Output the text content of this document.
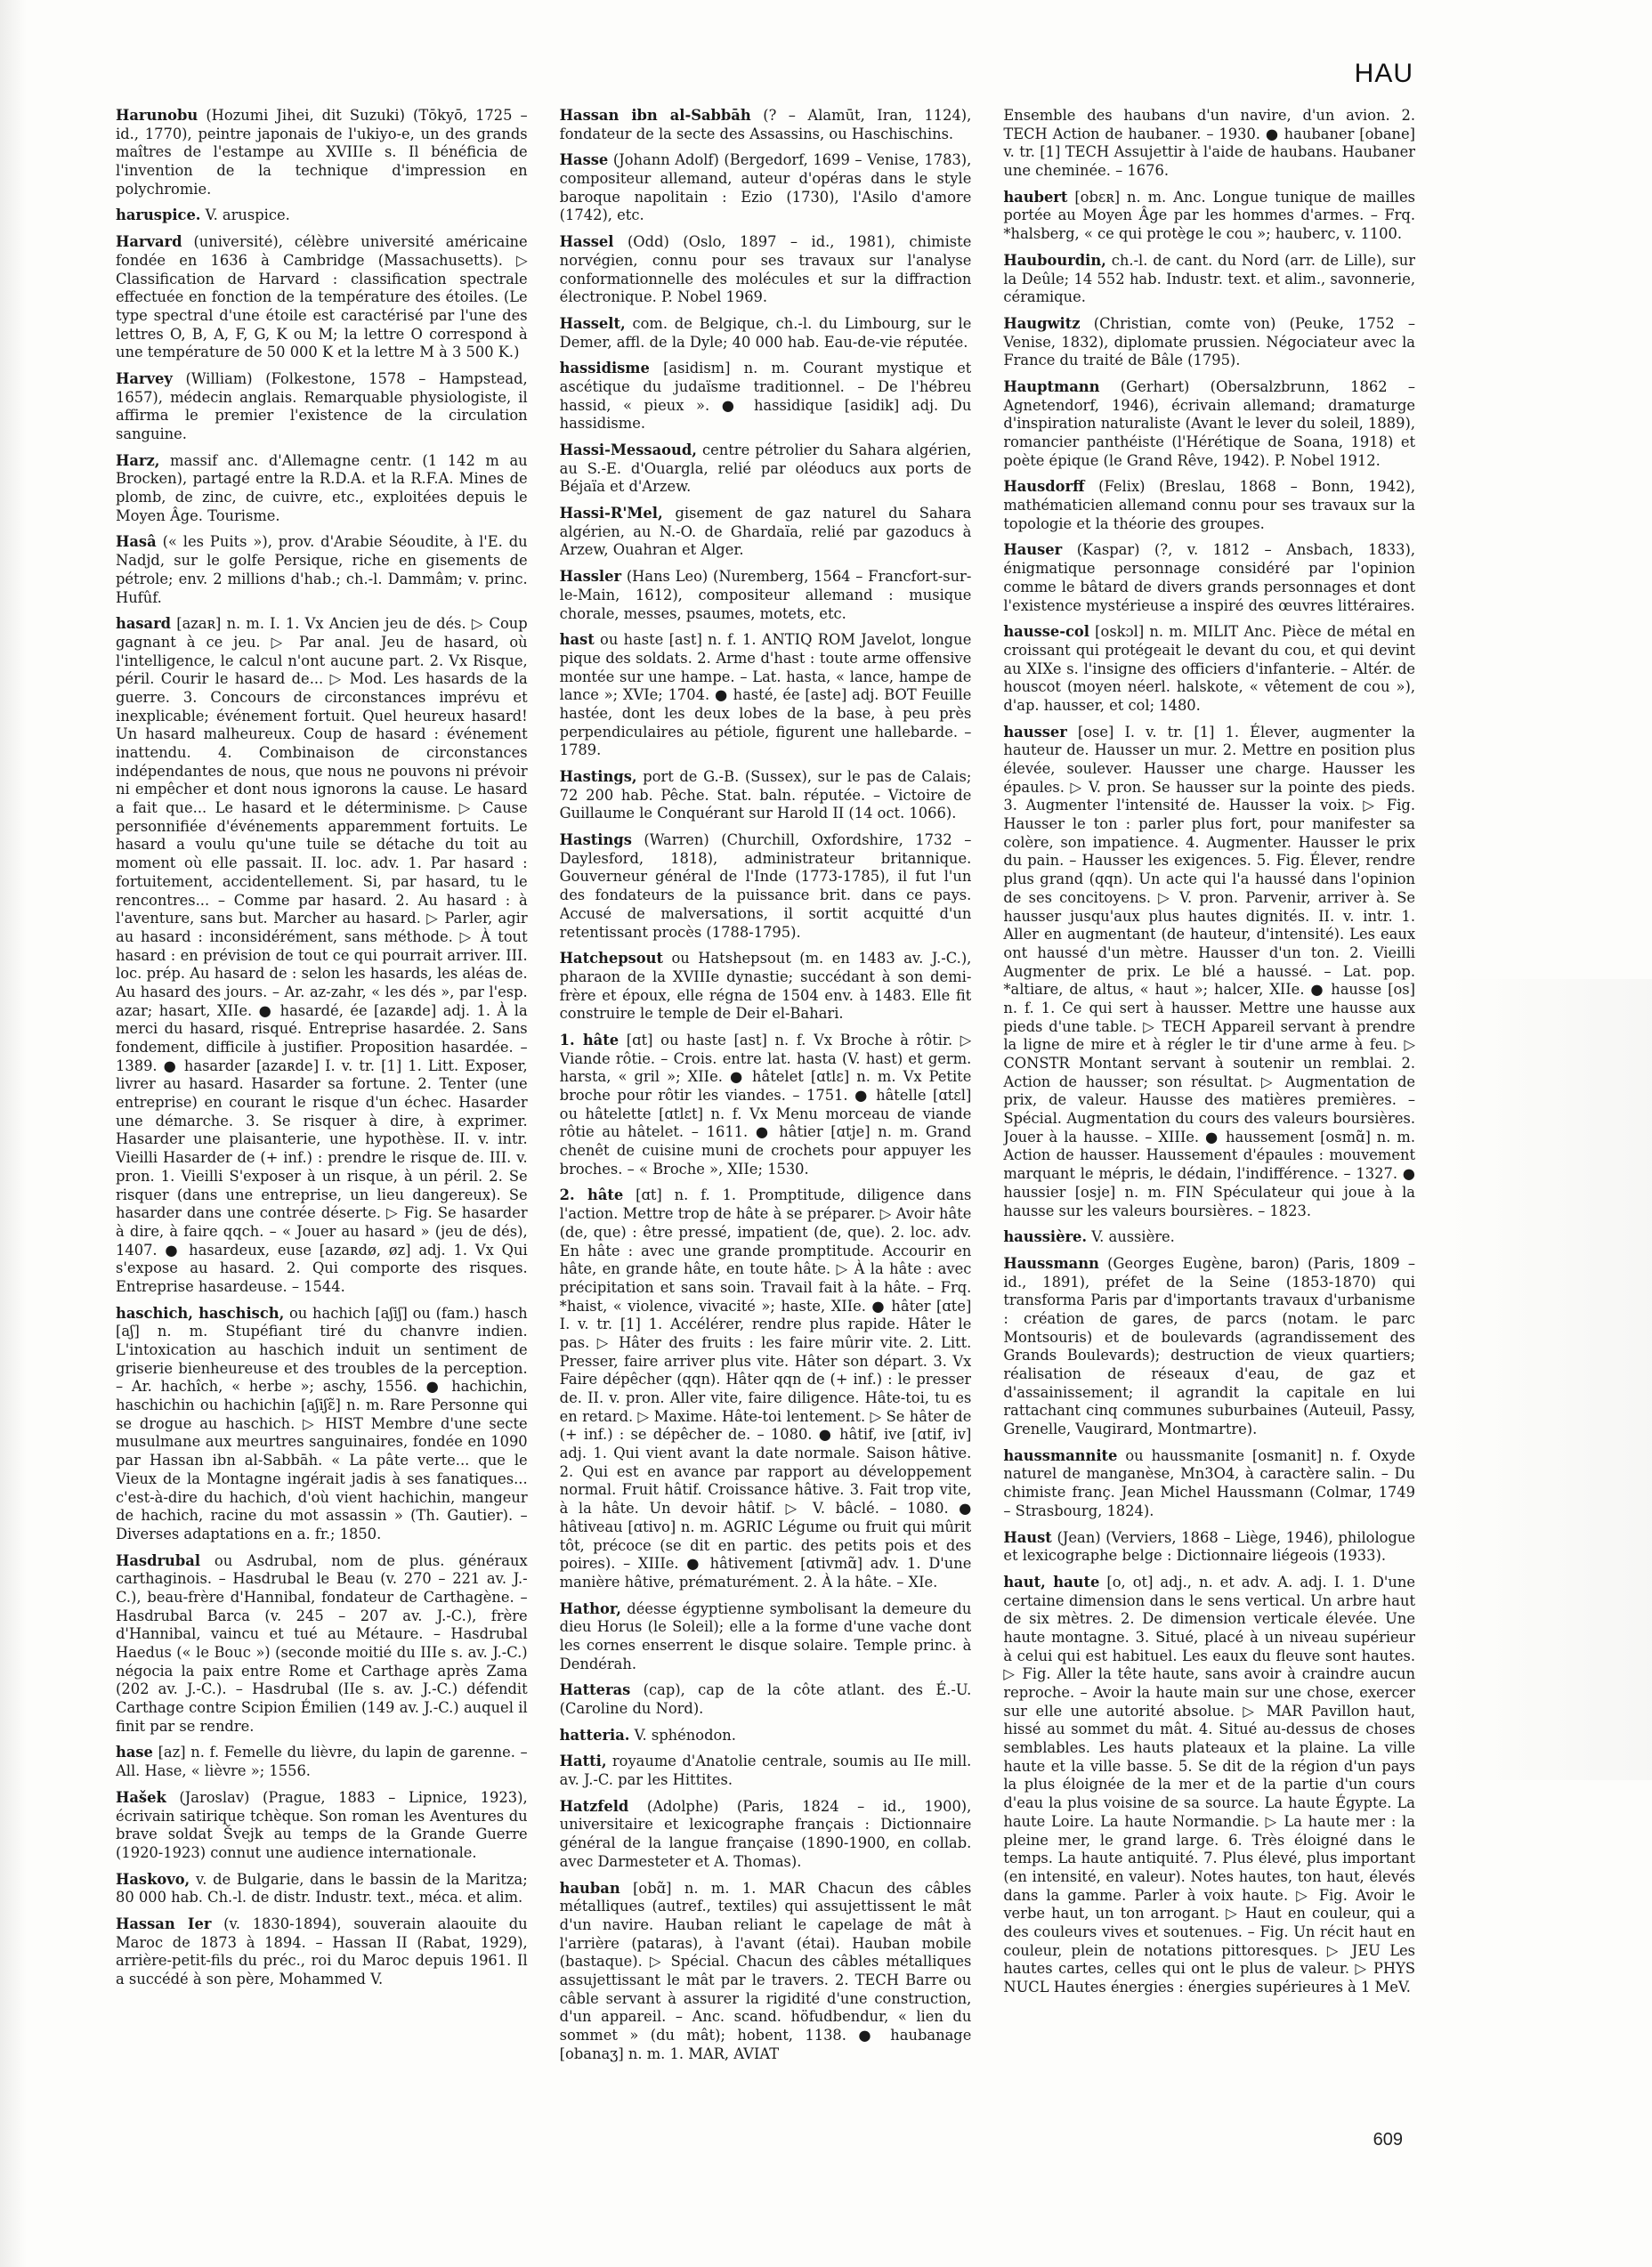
HAU

Harunobu (Hozumi Jihei, dit Suzuki) (Tōkyō, 1725 – id., 1770), peintre japonais de l'ukiyo-e, un des grands maîtres de l'estampe au XVIIIe s. Il bénéficia de l'invention de la technique d'impression en polychromie.

haruspice. V. aruspice.

Harvard (université), célèbre université américaine fondée en 1636 à Cambridge (Massachusetts). ▷ Classification de Harvard : classification spectrale effectuée en fonction de la température des étoiles. (Le type spectral d'une étoile est caractérisé par l'une des lettres O, B, A, F, G, K ou M; la lettre O correspond à une température de 50 000 K et la lettre M à 3 500 K.)

Harvey (William) (Folkestone, 1578 – Hampstead, 1657), médecin anglais. Remarquable physiologiste, il affirma le premier l'existence de la circulation sanguine.

Harz, massif anc. d'Allemagne centr. (1 142 m au Brocken), partagé entre la R.D.A. et la R.F.A. Mines de plomb, de zinc, de cuivre, etc., exploitées depuis le Moyen Âge. Tourisme.

Hasâ (« les Puits »), prov. d'Arabie Séoudite, à l'E. du Nadjd, sur le golfe Persique, riche en gisements de pétrole; env. 2 millions d'hab.; ch.-l. Dammâm; v. princ. Hufûf.

hasard [azaʀ] n. m. I. 1. Vx Ancien jeu de dés. ▷ Coup gagnant à ce jeu. ▷ Par anal. Jeu de hasard, où l'intelligence, le calcul n'ont aucune part. 2. Vx Risque, péril. Courir le hasard de... ▷ Mod. Les hasards de la guerre. 3. Concours de circonstances imprévu et inexplicable; événement fortuit. Quel heureux hasard! Un hasard malheureux. Coup de hasard : événement inattendu. 4. Combinaison de circonstances indépendantes de nous, que nous ne pouvons ni prévoir ni empêcher et dont nous ignorons la cause. Le hasard a fait que... Le hasard et le déterminisme. ▷ Cause personnifiée d'événements apparemment fortuits. Le hasard a voulu qu'une tuile se détache du toit au moment où elle passait. II. loc. adv. 1. Par hasard : fortuitement, accidentellement. Si, par hasard, tu le rencontres... – Comme par hasard. 2. Au hasard : à l'aventure, sans but. Marcher au hasard. ▷ Parler, agir au hasard : inconsidérément, sans méthode. ▷ À tout hasard : en prévision de tout ce qui pourrait arriver. III. loc. prép. Au hasard de : selon les hasards, les aléas de. Au hasard des jours. – Ar. az-zahr, « les dés », par l'esp. azar; hasart, XIIe. ● hasardé, ée [azaʀde] adj. 1. À la merci du hasard, risqué. Entreprise hasardée. 2. Sans fondement, difficile à justifier. Proposition hasardée. – 1389. ● hasarder [azaʀde] I. v. tr. [1] 1. Litt. Exposer, livrer au hasard. Hasarder sa fortune. 2. Tenter (une entreprise) en courant le risque d'un échec. Hasarder une démarche. 3. Se risquer à dire, à exprimer. Hasarder une plaisanterie, une hypothèse. II. v. intr. Vieilli Hasarder de (+ inf.) : prendre le risque de. III. v. pron. 1. Vieilli S'exposer à un risque, à un péril. 2. Se risquer (dans une entreprise, un lieu dangereux). Se hasarder dans une contrée déserte. ▷ Fig. Se hasarder à dire, à faire qqch. – « Jouer au hasard » (jeu de dés), 1407. ● hasardeux, euse [azaʀdø, øz] adj. 1. Vx Qui s'expose au hasard. 2. Qui comporte des risques. Entreprise hasardeuse. – 1544.

haschich, haschisch, ou hachich [aʃiʃ] ou (fam.) hasch [aʃ] n. m. Stupéfiant tiré du chanvre indien. L'intoxication au haschich induit un sentiment de griserie bienheureuse et des troubles de la perception. – Ar. hachîch, « herbe »; aschy, 1556. ● hachichin, haschichin ou hachichin [aʃiʃɛ̃] n. m. Rare Personne qui se drogue au haschich. ▷ HIST Membre d'une secte musulmane aux meurtres sanguinaires, fondée en 1090 par Hassan ibn al-Sabbāh. « La pâte verte... que le Vieux de la Montagne ingérait jadis à ses fanatiques... c'est-à-dire du hachich, d'où vient hachichin, mangeur de hachich, racine du mot assassin » (Th. Gautier). – Diverses adaptations en a. fr.; 1850.

Hasdrubal ou Asdrubal, nom de plus. généraux carthaginois. – Hasdrubal le Beau (v. 270 – 221 av. J.-C.), beau-frère d'Hannibal, fondateur de Carthagène. – Hasdrubal Barca (v. 245 – 207 av. J.-C.), frère d'Hannibal, vaincu et tué au Métaure. – Hasdrubal Haedus (« le Bouc ») (seconde moitié du IIIe s. av. J.-C.) négocia la paix entre Rome et Carthage après Zama (202 av. J.-C.). – Hasdrubal (IIe s. av. J.-C.) défendit Carthage contre Scipion Émilien (149 av. J.-C.) auquel il finit par se rendre.

hase [az] n. f. Femelle du lièvre, du lapin de garenne. – All. Hase, « lièvre »; 1556.

Hašek (Jaroslav) (Prague, 1883 – Lipnice, 1923), écrivain satirique tchèque. Son roman les Aventures du brave soldat Švejk au temps de la Grande Guerre (1920-1923) connut une audience internationale.

Haskovo, v. de Bulgarie, dans le bassin de la Maritza; 80 000 hab. Ch.-l. de distr. Industr. text., méca. et alim.

Hassan Ier (v. 1830-1894), souverain alaouite du Maroc de 1873 à 1894. – Hassan II (Rabat, 1929), arrière-petit-fils du préc., roi du Maroc depuis 1961. Il a succédé à son père, Mohammed V.

Hassan ibn al-Sabbāh (? – Alamūt, Iran, 1124), fondateur de la secte des Assassins, ou Haschischins.

Hasse (Johann Adolf) (Bergedorf, 1699 – Venise, 1783), compositeur allemand, auteur d'opéras dans le style baroque napolitain : Ezio (1730), l'Asilo d'amore (1742), etc.

Hassel (Odd) (Oslo, 1897 – id., 1981), chimiste norvégien, connu pour ses travaux sur l'analyse conformationnelle des molécules et sur la diffraction électronique. P. Nobel 1969.

Hasselt, com. de Belgique, ch.-l. du Limbourg, sur le Demer, affl. de la Dyle; 40 000 hab. Eau-de-vie réputée.

hassidisme [asidism] n. m. Courant mystique et ascétique du judaïsme traditionnel. – De l'hébreu hassid, « pieux ». ● hassidique [asidik] adj. Du hassidisme.

Hassi-Messaoud, centre pétrolier du Sahara algérien, au S.-E. d'Ouargla, relié par oléoducs aux ports de Béjaïa et d'Arzew.

Hassi-R'Mel, gisement de gaz naturel du Sahara algérien, au N.-O. de Ghardaïa, relié par gazoducs à Arzew, Ouahran et Alger.

Hassler (Hans Leo) (Nuremberg, 1564 – Francfort-sur-le-Main, 1612), compositeur allemand : musique chorale, messes, psaumes, motets, etc.

hast ou haste [ast] n. f. 1. ANTIQ ROM Javelot, longue pique des soldats. 2. Arme d'hast : toute arme offensive montée sur une hampe. – Lat. hasta, « lance, hampe de lance »; XVIe; 1704. ● hasté, ée [aste] adj. BOT Feuille hastée, dont les deux lobes de la base, à peu près perpendiculaires au pétiole, figurent une hallebarde. – 1789.

Hastings, port de G.-B. (Sussex), sur le pas de Calais; 72 200 hab. Pêche. Stat. baln. réputée. – Victoire de Guillaume le Conquérant sur Harold II (14 oct. 1066).

Hastings (Warren) (Churchill, Oxfordshire, 1732 – Daylesford, 1818), administrateur britannique. Gouverneur général de l'Inde (1773-1785), il fut l'un des fondateurs de la puissance brit. dans ce pays. Accusé de malversations, il sortit acquitté d'un retentissant procès (1788-1795).

Hatchepsout ou Hatshepsout (m. en 1483 av. J.-C.), pharaon de la XVIIIe dynastie; succédant à son demi-frère et époux, elle régna de 1504 env. à 1483. Elle fit construire le temple de Deir el-Bahari.

1. hâte [ɑt] ou haste [ast] n. f. Vx Broche à rôtir. ▷ Viande rôtie. – Crois. entre lat. hasta (V. hast) et germ. harsta, « gril »; XIIe. ● hâtelet [ɑtlɛ] n. m. Vx Petite broche pour rôtir les viandes. – 1751. ● hâtelle [ɑtɛl] ou hâtelette [ɑtlɛt] n. f. Vx Menu morceau de viande rôtie au hâtelet. – 1611. ● hâtier [ɑtje] n. m. Grand chenêt de cuisine muni de crochets pour appuyer les broches. – « Broche », XIIe; 1530.

2. hâte [ɑt] n. f. 1. Promptitude, diligence dans l'action. Mettre trop de hâte à se préparer. ▷ Avoir hâte (de, que) : être pressé, impatient (de, que). 2. loc. adv. En hâte : avec une grande promptitude. Accourir en hâte, en grande hâte, en toute hâte. ▷ À la hâte : avec précipitation et sans soin. Travail fait à la hâte. – Frq. *haist, « violence, vivacité »; haste, XIIe. ● hâter [ɑte] I. v. tr. [1] 1. Accélérer, rendre plus rapide. Hâter le pas. ▷ Hâter des fruits : les faire mûrir vite. 2. Litt. Presser, faire arriver plus vite. Hâter son départ. 3. Vx Faire dépêcher (qqn). Hâter qqn de (+ inf.) : le presser de. II. v. pron. Aller vite, faire diligence. Hâte-toi, tu es en retard. ▷ Maxime. Hâte-toi lentement. ▷ Se hâter de (+ inf.) : se dépêcher de. – 1080. ● hâtif, ive [ɑtif, iv] adj. 1. Qui vient avant la date normale. Saison hâtive. 2. Qui est en avance par rapport au développement normal. Fruit hâtif. Croissance hâtive. 3. Fait trop vite, à la hâte. Un devoir hâtif. ▷ V. bâclé. – 1080. ● hâtiveau [ɑtivo] n. m. AGRIC Légume ou fruit qui mûrit tôt, précoce (se dit en partic. des petits pois et des poires). – XIIIe. ● hâtivement [ɑtivmɑ̃] adv. 1. D'une manière hâtive, prématurément. 2. À la hâte. – XIe.

Hathor, déesse égyptienne symbolisant la demeure du dieu Horus (le Soleil); elle a la forme d'une vache dont les cornes enserrent le disque solaire. Temple princ. à Dendérah.

Hatteras (cap), cap de la côte atlant. des É.-U. (Caroline du Nord).

hatteria. V. sphénodon.

Hatti, royaume d'Anatolie centrale, soumis au IIe mill. av. J.-C. par les Hittites.

Hatzfeld (Adolphe) (Paris, 1824 – id., 1900), universitaire et lexicographe français : Dictionnaire général de la langue française (1890-1900, en collab. avec Darmesteter et A. Thomas).

hauban [obɑ̃] n. m. 1. MAR Chacun des câbles métalliques (autref., textiles) qui assujettissent le mât d'un navire. Hauban reliant le capelage de mât à l'arrière (pataras), à l'avant (étai). Hauban mobile (bastaque). ▷ Spécial. Chacun des câbles métalliques assujettissant le mât par le travers. 2. TECH Barre ou câble servant à assurer la rigidité d'une construction, d'un appareil. – Anc. scand. höfudbendur, « lien du sommet » (du mât); hobent, 1138. ● haubanage [obanaʒ] n. m. 1. MAR, AVIAT

Ensemble des haubans d'un navire, d'un avion. 2. TECH Action de haubaner. – 1930. ● haubaner [obane] v. tr. [1] TECH Assujettir à l'aide de haubans. Haubaner une cheminée. – 1676.

haubert [obɛʀ] n. m. Anc. Longue tunique de mailles portée au Moyen Âge par les hommes d'armes. – Frq. *halsberg, « ce qui protège le cou »; hauberc, v. 1100.

Haubourdin, ch.-l. de cant. du Nord (arr. de Lille), sur la Deûle; 14 552 hab. Industr. text. et alim., savonnerie, céramique.

Haugwitz (Christian, comte von) (Peuke, 1752 – Venise, 1832), diplomate prussien. Négociateur avec la France du traité de Bâle (1795).

Hauptmann (Gerhart) (Obersalzbrunn, 1862 – Agnetendorf, 1946), écrivain allemand; dramaturge d'inspiration naturaliste (Avant le lever du soleil, 1889), romancier panthéiste (l'Hérétique de Soana, 1918) et poète épique (le Grand Rêve, 1942). P. Nobel 1912.

Hausdorff (Felix) (Breslau, 1868 – Bonn, 1942), mathématicien allemand connu pour ses travaux sur la topologie et la théorie des groupes.

Hauser (Kaspar) (?, v. 1812 – Ansbach, 1833), énigmatique personnage considéré par l'opinion comme le bâtard de divers grands personnages et dont l'existence mystérieuse a inspiré des œuvres littéraires.

hausse-col [oskɔl] n. m. MILIT Anc. Pièce de métal en croissant qui protégeait le devant du cou, et qui devint au XIXe s. l'insigne des officiers d'infanterie. – Altér. de houscot (moyen néerl. halskote, « vêtement de cou »), d'ap. hausser, et col; 1480.

hausser [ose] I. v. tr. [1] 1. Élever, augmenter la hauteur de. Hausser un mur. 2. Mettre en position plus élevée, soulever. Hausser une charge. Hausser les épaules. ▷ V. pron. Se hausser sur la pointe des pieds. 3. Augmenter l'intensité de. Hausser la voix. ▷ Fig. Hausser le ton : parler plus fort, pour manifester sa colère, son impatience. 4. Augmenter. Hausser le prix du pain. – Hausser les exigences. 5. Fig. Élever, rendre plus grand (qqn). Un acte qui l'a haussé dans l'opinion de ses concitoyens. ▷ V. pron. Parvenir, arriver à. Se hausser jusqu'aux plus hautes dignités. II. v. intr. 1. Aller en augmentant (de hauteur, d'intensité). Les eaux ont haussé d'un mètre. Hausser d'un ton. 2. Vieilli Augmenter de prix. Le blé a haussé. – Lat. pop. *altiare, de altus, « haut »; halcer, XIIe. ● hausse [os] n. f. 1. Ce qui sert à hausser. Mettre une hausse aux pieds d'une table. ▷ TECH Appareil servant à prendre la ligne de mire et à régler le tir d'une arme à feu. ▷ CONSTR Montant servant à soutenir un remblai. 2. Action de hausser; son résultat. ▷ Augmentation de prix, de valeur. Hausse des matières premières. – Spécial. Augmentation du cours des valeurs boursières. Jouer à la hausse. – XIIIe. ● haussement [osmɑ̃] n. m. Action de hausser. Haussement d'épaules : mouvement marquant le mépris, le dédain, l'indifférence. – 1327. ● haussier [osje] n. m. FIN Spéculateur qui joue à la hausse sur les valeurs boursières. – 1823.

haussière. V. aussière.

Haussmann (Georges Eugène, baron) (Paris, 1809 – id., 1891), préfet de la Seine (1853-1870) qui transforma Paris par d'importants travaux d'urbanisme : création de gares, de parcs (notam. le parc Montsouris) et de boulevards (agrandissement des Grands Boulevards); destruction de vieux quartiers; réalisation de réseaux d'eau, de gaz et d'assainissement; il agrandit la capitale en lui rattachant cinq communes suburbaines (Auteuil, Passy, Grenelle, Vaugirard, Montmartre).

haussmannite ou haussmanite [osmanit] n. f. Oxyde naturel de manganèse, Mn3O4, à caractère salin. – Du chimiste franç. Jean Michel Haussmann (Colmar, 1749 – Strasbourg, 1824).

Haust (Jean) (Verviers, 1868 – Liège, 1946), philologue et lexicographe belge : Dictionnaire liégeois (1933).

haut, haute [o, ot] adj., n. et adv. A. adj. I. 1. D'une certaine dimension dans le sens vertical. Un arbre haut de six mètres. 2. De dimension verticale élevée. Une haute montagne. 3. Situé, placé à un niveau supérieur à celui qui est habituel. Les eaux du fleuve sont hautes. ▷ Fig. Aller la tête haute, sans avoir à craindre aucun reproche. – Avoir la haute main sur une chose, exercer sur elle une autorité absolue. ▷ MAR Pavillon haut, hissé au sommet du mât. 4. Situé au-dessus de choses semblables. Les hauts plateaux et la plaine. La ville haute et la ville basse. 5. Se dit de la région d'un pays la plus éloignée de la mer et de la partie d'un cours d'eau la plus voisine de sa source. La haute Égypte. La haute Loire. La haute Normandie. ▷ La haute mer : la pleine mer, le grand large. 6. Très éloigné dans le temps. La haute antiquité. 7. Plus élevé, plus important (en intensité, en valeur). Notes hautes, ton haut, élevés dans la gamme. Parler à voix haute. ▷ Fig. Avoir le verbe haut, un ton arrogant. ▷ Haut en couleur, qui a des couleurs vives et soutenues. – Fig. Un récit haut en couleur, plein de notations pittoresques. ▷ JEU Les hautes cartes, celles qui ont le plus de valeur. ▷ PHYS NUCL Hautes énergies : énergies supérieures à 1 MeV.

609
